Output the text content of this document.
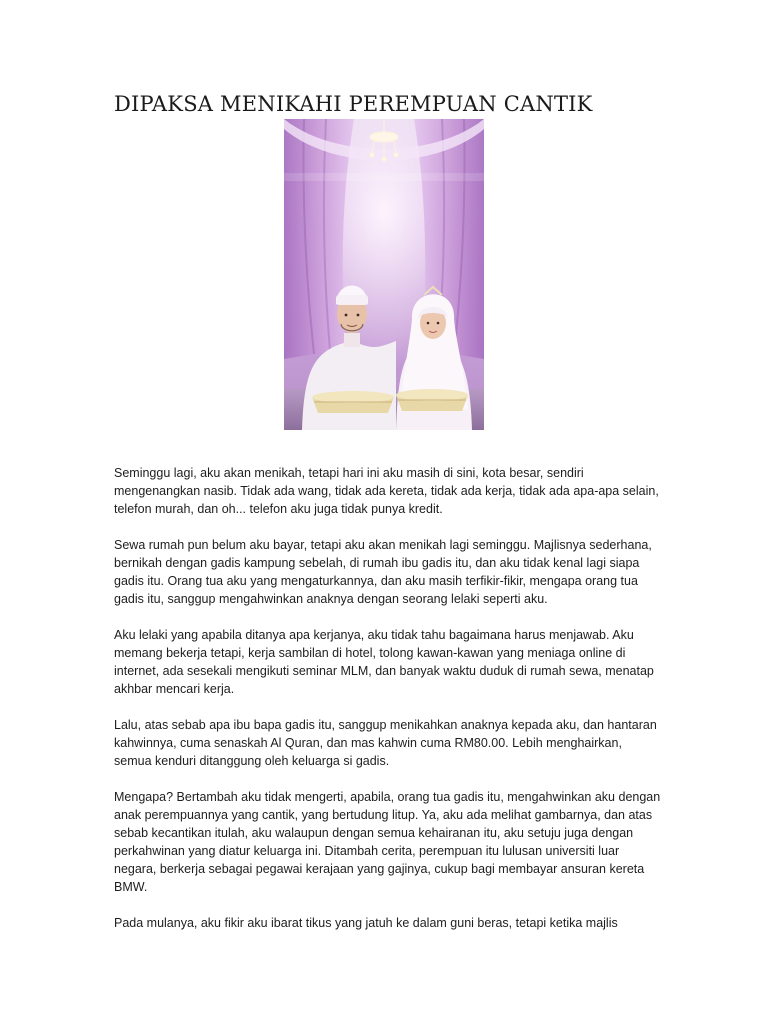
DIPAKSA MENIKAHI PEREMPUAN CANTIK

Seminggu lagi, aku akan menikah, tetapi hari ini aku masih di sini, kota besar, sendiri mengenangkan nasib. Tidak ada wang, tidak ada kereta, tidak ada kerja, tidak ada apa-apa selain, telefon murah, dan oh... telefon aku juga tidak punya kredit.

Sewa rumah pun belum aku bayar, tetapi aku akan menikah lagi seminggu. Majlisnya sederhana, bernikah dengan gadis kampung sebelah, di rumah ibu gadis itu, dan aku tidak kenal lagi siapa gadis itu. Orang tua aku yang mengaturkannya, dan aku masih terfikir-fikir, mengapa orang tua gadis itu, sanggup mengahwinkan anaknya dengan seorang lelaki seperti aku.

Aku lelaki yang apabila ditanya apa kerjanya, aku tidak tahu bagaimana harus menjawab. Aku memang bekerja tetapi, kerja sambilan di hotel, tolong kawan-kawan yang meniaga online di internet, ada sesekali mengikuti seminar MLM, dan banyak waktu duduk di rumah sewa, menatap akhbar mencari kerja.

Lalu, atas sebab apa ibu bapa gadis itu, sanggup menikahkan anaknya kepada aku, dan hantaran kahwinnya, cuma senaskah Al Quran, dan mas kahwin cuma RM80.00. Lebih menghairkan, semua kenduri ditanggung oleh keluarga si gadis.

Mengapa? Bertambah aku tidak mengerti, apabila, orang tua gadis itu, mengahwinkan aku dengan anak perempuannya yang cantik, yang bertudung litup. Ya, aku ada melihat gambarnya, dan atas sebab kecantikan itulah, aku walaupun dengan semua kehairanan itu, aku setuju juga dengan perkahwinan yang diatur keluarga ini. Ditambah cerita, perempuan itu lulusan universiti luar negara, berkerja sebagai pegawai kerajaan yang gajinya, cukup bagi membayar ansuran kereta BMW.

Pada mulanya, aku fikir aku ibarat tikus yang jatuh ke dalam guni beras, tetapi ketika majlis
